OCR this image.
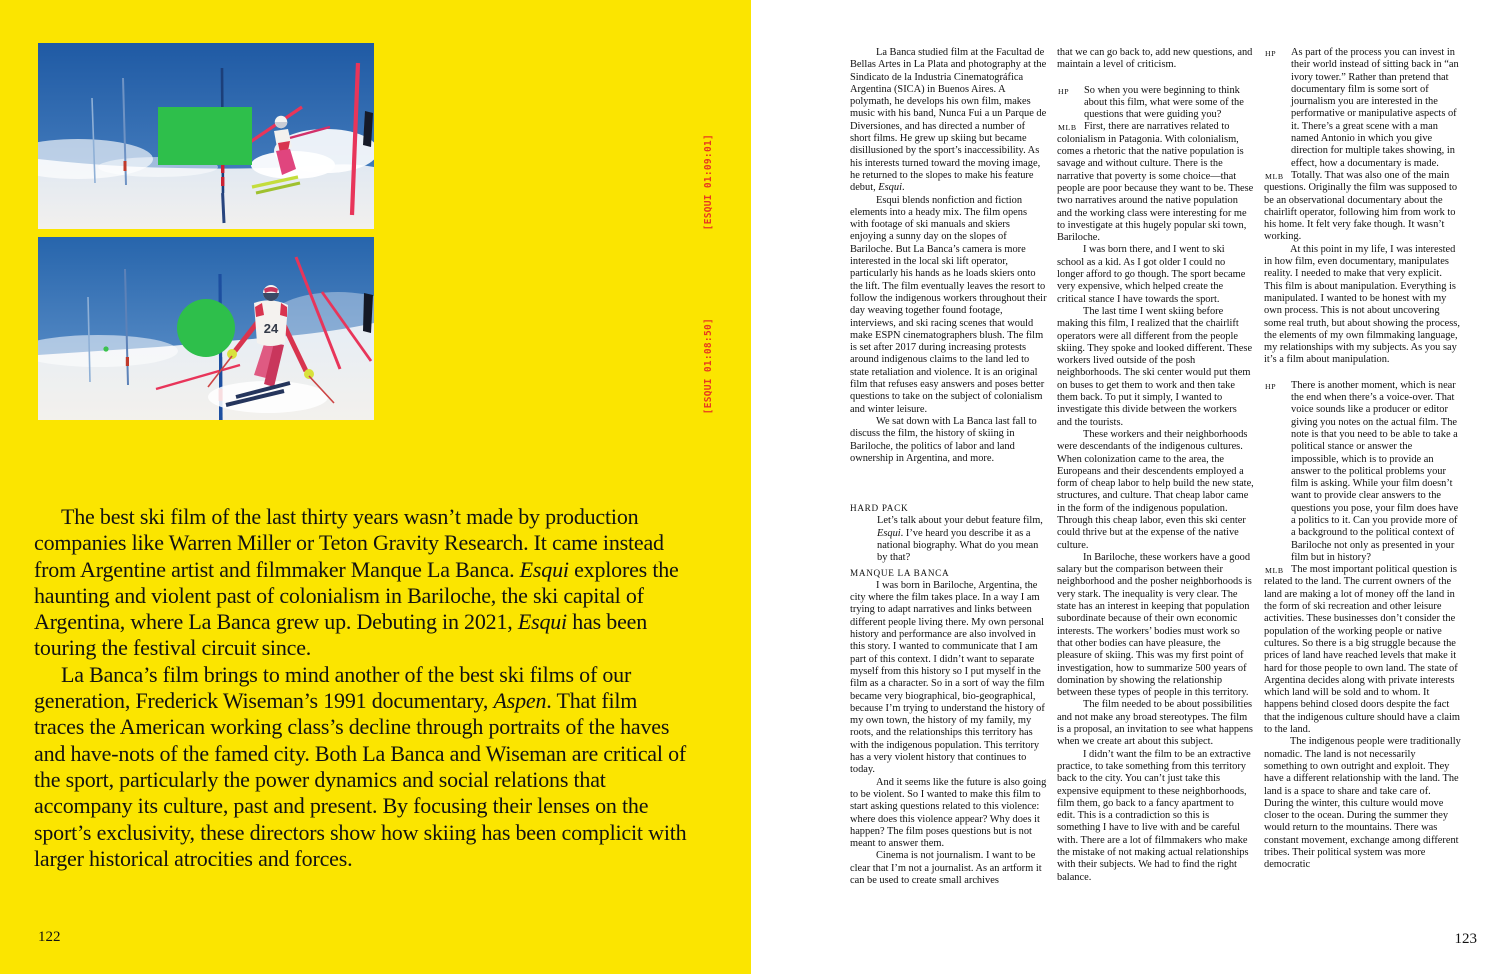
[ESQUI 01:09:01]
24	[ESQUI 01:08:50]

The best ski film of the last thirty years wasn’t made by production companies like Warren Miller or Teton Gravity Research. It came instead from Argentine artist and filmmaker Manque La Banca. Esqui explores the haunting and violent past of colonialism in Bariloche, the ski capital of Argentina, where La Banca grew up. Debuting in 2021, Esqui has been touring the festival circuit since.

La Banca’s film brings to mind another of the best ski films of our generation, Frederick Wiseman’s 1991 documentary, Aspen. That film traces the American working class’s decline through portraits of the haves and have-nots of the famed city. Both La Banca and Wiseman are critical of the sport, particularly the power dynamics and social relations that accompany its culture, past and present. By focusing their lenses on the sport’s exclusivity, these directors show how skiing has been complicit with larger historical atrocities and forces.

122

La Banca studied film at the Facultad de Bellas Artes in La Plata and photography at the Sindicato de la Industria Cinematográfica Argentina (SICA) in Buenos Aires. A polymath, he develops his own film, makes music with his band, Nunca Fui a un Parque de Diversiones, and has directed a number of short films. He grew up skiing but became disillusioned by the sport’s inaccessibility. As his interests turned toward the moving image, he returned to the slopes to make his feature debut, Esqui.

Esqui blends nonfiction and fiction elements into a heady mix. The film opens with footage of ski manuals and skiers enjoying a sunny day on the slopes of Bariloche. But La Banca’s camera is more interested in the local ski lift operator, particularly his hands as he loads skiers onto the lift. The film eventually leaves the resort to follow the indigenous workers throughout their day weaving together found footage, interviews, and ski racing scenes that would make ESPN cinematographers blush. The film is set after 2017 during increasing protests around indigenous claims to the land led to state retaliation and violence. It is an original film that refuses easy answers and poses better questions to take on the subject of colonialism and winter leisure.

We sat down with La Banca last fall to discuss the film, the history of skiing in Bariloche, the politics of labor and land ownership in Argentina, and more.

HARD PACK

Let’s talk about your debut feature film, Esqui. I’ve heard you describe it as a national biography. What do you mean by that?

MANQUE LA BANCA

I was born in Bariloche, Argentina, the city where the film takes place. In a way I am trying to adapt narratives and links between different people living there. My own personal history and performance are also involved in this story. I wanted to communicate that I am part of this context. I didn’t want to separate myself from this history so I put myself in the film as a character. So in a sort of way the film became very biographical, bio-geographical, because I’m trying to understand the history of my own town, the history of my family, my roots, and the relationships this territory has with the indigenous population. This territory has a very violent history that continues to today.

And it seems like the future is also going to be violent. So I wanted to make this film to start asking questions related to this violence: where does this violence appear? Why does it happen? The film poses questions but is not meant to answer them.

Cinema is not journalism. I want to be clear that I’m not a journalist. As an artform it can be used to create small archives

that we can go back to, add new questions, and maintain a level of criticism.

HP So when you were beginning to think about this film, what were some of the questions that were guiding you?

MLB First, there are narratives related to colonialism in Patagonia. With colonialism, comes a rhetoric that the native population is savage and without culture. There is the narrative that poverty is some choice—that people are poor because they want to be. These two narratives around the native population and the working class were interesting for me to investigate at this hugely popular ski town, Bariloche.

I was born there, and I went to ski school as a kid. As I got older I could no longer afford to go though. The sport became very expensive, which helped create the critical stance I have towards the sport.

The last time I went skiing before making this film, I realized that the chairlift operators were all different from the people skiing. They spoke and looked different. These workers lived outside of the posh neighborhoods. The ski center would put them on buses to get them to work and then take them back. To put it simply, I wanted to investigate this divide between the workers and the tourists.

These workers and their neighborhoods were descendants of the indigenous cultures. When colonization came to the area, the Europeans and their descendents employed a form of cheap labor to help build the new state, structures, and culture. That cheap labor came in the form of the indigenous population. Through this cheap labor, even this ski center could thrive but at the expense of the native culture.

In Bariloche, these workers have a good salary but the comparison between their neighborhood and the posher neighborhoods is very stark. The inequality is very clear. The state has an interest in keeping that population subordinate because of their own economic interests. The workers’ bodies must work so that other bodies can have pleasure, the pleasure of skiing. This was my first point of investigation, how to summarize 500 years of domination by showing the relationship between these types of people in this territory.

The film needed to be about possibilities and not make any broad stereotypes. The film is a proposal, an invitation to see what happens when we create art about this subject.

I didn’t want the film to be an extractive practice, to take something from this territory back to the city. You can’t just take this expensive equipment to these neighborhoods, film them, go back to a fancy apartment to edit. This is a contradiction so this is something I have to live with and be careful with. There are a lot of filmmakers who make the mistake of not making actual relationships with their subjects. We had to find the right balance.

HP As part of the process you can invest in their world instead of sitting back in “an ivory tower.” Rather than pretend that documentary film is some sort of journalism you are interested in the performative or manipulative aspects of it. There’s a great scene with a man named Antonio in which you give direction for multiple takes showing, in effect, how a documentary is made.

MLB Totally. That was also one of the main questions. Originally the film was supposed to be an observational documentary about the chairlift operator, following him from work to his home. It felt very fake though. It wasn’t working.

At this point in my life, I was interested in how film, even documentary, manipulates reality. I needed to make that very explicit. This film is about manipulation. Everything is manipulated. I wanted to be honest with my own process. This is not about uncovering some real truth, but about showing the process, the elements of my own filmmaking language, my relationships with my subjects. As you say it’s a film about manipulation.

HP There is another moment, which is near the end when there’s a voice-over. That voice sounds like a producer or editor giving you notes on the actual film. The note is that you need to be able to take a political stance or answer the impossible, which is to provide an answer to the political problems your film is asking. While your film doesn’t want to provide clear answers to the questions you pose, your film does have a politics to it. Can you provide more of a background to the political context of Bariloche not only as presented in your film but in history?

MLB The most important political question is related to the land. The current owners of the land are making a lot of money off the land in the form of ski recreation and other leisure activities. These businesses don’t consider the population of the working people or native cultures. So there is a big struggle because the prices of land have reached levels that make it hard for those people to own land. The state of Argentina decides along with private interests which land will be sold and to whom. It happens behind closed doors despite the fact that the indigenous culture should have a claim to the land.

The indigenous people were traditionally nomadic. The land is not necessarily something to own outright and exploit. They have a different relationship with the land. The land is a space to share and take care of. During the winter, this culture would move closer to the ocean. During the summer they would return to the mountains. There was constant movement, exchange among different tribes. Their political system was more democratic

123
